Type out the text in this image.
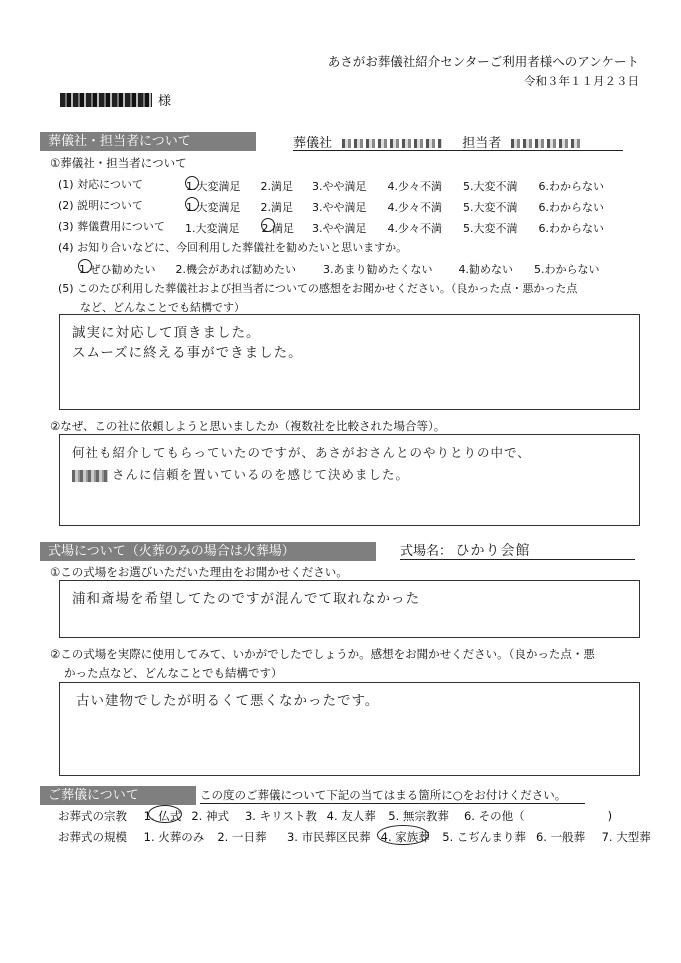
あさがお葬儀社紹介センターご利用者様へのアンケート
令和３年１１月２３日
様
葬儀社・担当者について	葬儀社	担当者
①葬儀社・担当者について
(1) 対応について	1.大変満足 2.満足 3.やや満足 4.少々不満 5.大変不満 6.わからない
(2) 説明について	1.大変満足 2.満足 3.やや満足 4.少々不満 5.大変不満 6.わからない
(3) 葬儀費用について 1.大変満足 2.満足 3.やや満足 4.少々不満 5.大変不満 6.わからない
(4) お知り合いなどに、今回利用した葬儀社を勧めたいと思いますか。
1.ぜひ勧めたい 2.機会があれば勧めたい 3.あまり勧めたくない 4.勧めない 5.わからない
(5) このたび利用した葬儀社および担当者についての感想をお聞かせください。（良かった点・悪かった点
など、どんなことでも結構です）
誠実に対応して頂きました。
スムーズに終える事ができました。
②なぜ、この社に依頼しようと思いましたか（複数社を比較された場合等）。
何社も紹介してもらっていたのですが、あさがおさんとのやりとりの中で、
さんに信頼を置いているのを感じて決めました。
式場について（火葬のみの場合は火葬場）	式場名： ひかり会館
①この式場をお選びいただいた理由をお聞かせください。
浦和斎場を希望してたのですが混んでて取れなかった
②この式場を実際に使用してみて、いかがでしたでしょうか。感想をお聞かせください。（良かった点・悪
かった点など、どんなことでも結構です）
古い建物でしたが明るくて悪くなかったです。
ご葬儀について	この度のご葬儀について下記の当てはまる箇所に○をお付けください。
お葬式の宗教 1. 仏式 2. 神式 3. キリスト教 4. 友人葬 5. 無宗教葬 6. その他（	)
お葬式の規模 1. 火葬のみ 2. 一日葬 3. 市民葬区民葬 4. 家族葬 5. こぢんまり葬 6. 一般葬 7. 大型葬
